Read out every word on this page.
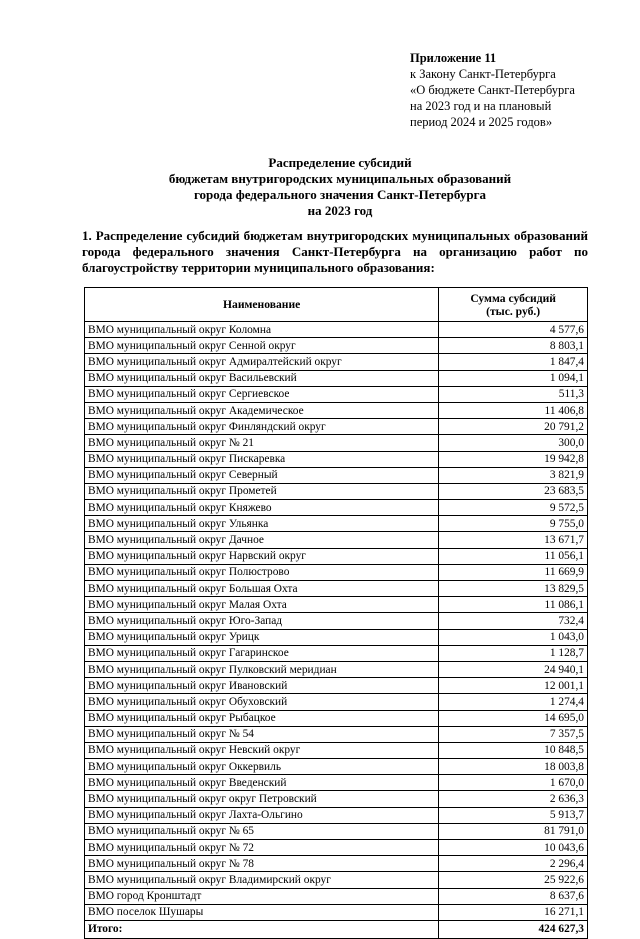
Приложение 11
к Закону Санкт-Петербурга
«О бюджете Санкт-Петербурга
на 2023 год и на плановый
период 2024 и 2025 годов»
Распределение субсидий
бюджетам внутригородских муниципальных образований
города федерального значения Санкт-Петербурга
на 2023 год
1. Распределение субсидий бюджетам внутригородских муниципальных образований города федерального значения Санкт-Петербурга на организацию работ по благоустройству территории муниципального образования:
Наименование	Сумма субсидий (тыс. руб.)
ВМО муниципальный округ Коломна	4 577,6
ВМО муниципальный округ Сенной округ	8 803,1
ВМО муниципальный округ Адмиралтейский округ	1 847,4
ВМО муниципальный округ Васильевский	1 094,1
ВМО муниципальный округ Сергиевское	511,3
ВМО муниципальный округ Академическое	11 406,8
ВМО муниципальный округ Финляндский округ	20 791,2
ВМО муниципальный округ № 21	300,0
ВМО муниципальный округ Пискаревка	19 942,8
ВМО муниципальный округ Северный	3 821,9
ВМО муниципальный округ Прометей	23 683,5
ВМО муниципальный округ Княжево	9 572,5
ВМО муниципальный округ Ульянка	9 755,0
ВМО муниципальный округ Дачное	13 671,7
ВМО муниципальный округ Нарвский округ	11 056,1
ВМО муниципальный округ Полюстрово	11 669,9
ВМО муниципальный округ Большая Охта	13 829,5
ВМО муниципальный округ Малая Охта	11 086,1
ВМО муниципальный округ Юго-Запад	732,4
ВМО муниципальный округ Урицк	1 043,0
ВМО муниципальный округ Гагаринское	1 128,7
ВМО муниципальный округ Пулковский меридиан	24 940,1
ВМО муниципальный округ Ивановский	12 001,1
ВМО муниципальный округ Обуховский	1 274,4
ВМО муниципальный округ Рыбацкое	14 695,0
ВМО муниципальный округ № 54	7 357,5
ВМО муниципальный округ Невский округ	10 848,5
ВМО муниципальный округ Оккервиль	18 003,8
ВМО муниципальный округ Введенский	1 670,0
ВМО муниципальный округ округ Петровский	2 636,3
ВМО муниципальный округ Лахта-Ольгино	5 913,7
ВМО муниципальный округ № 65	81 791,0
ВМО муниципальный округ № 72	10 043,6
ВМО муниципальный округ № 78	2 296,4
ВМО муниципальный округ Владимирский округ	25 922,6
ВМО город Кронштадт	8 637,6
ВМО поселок Шушары	16 271,1
Итого:	424 627,3
